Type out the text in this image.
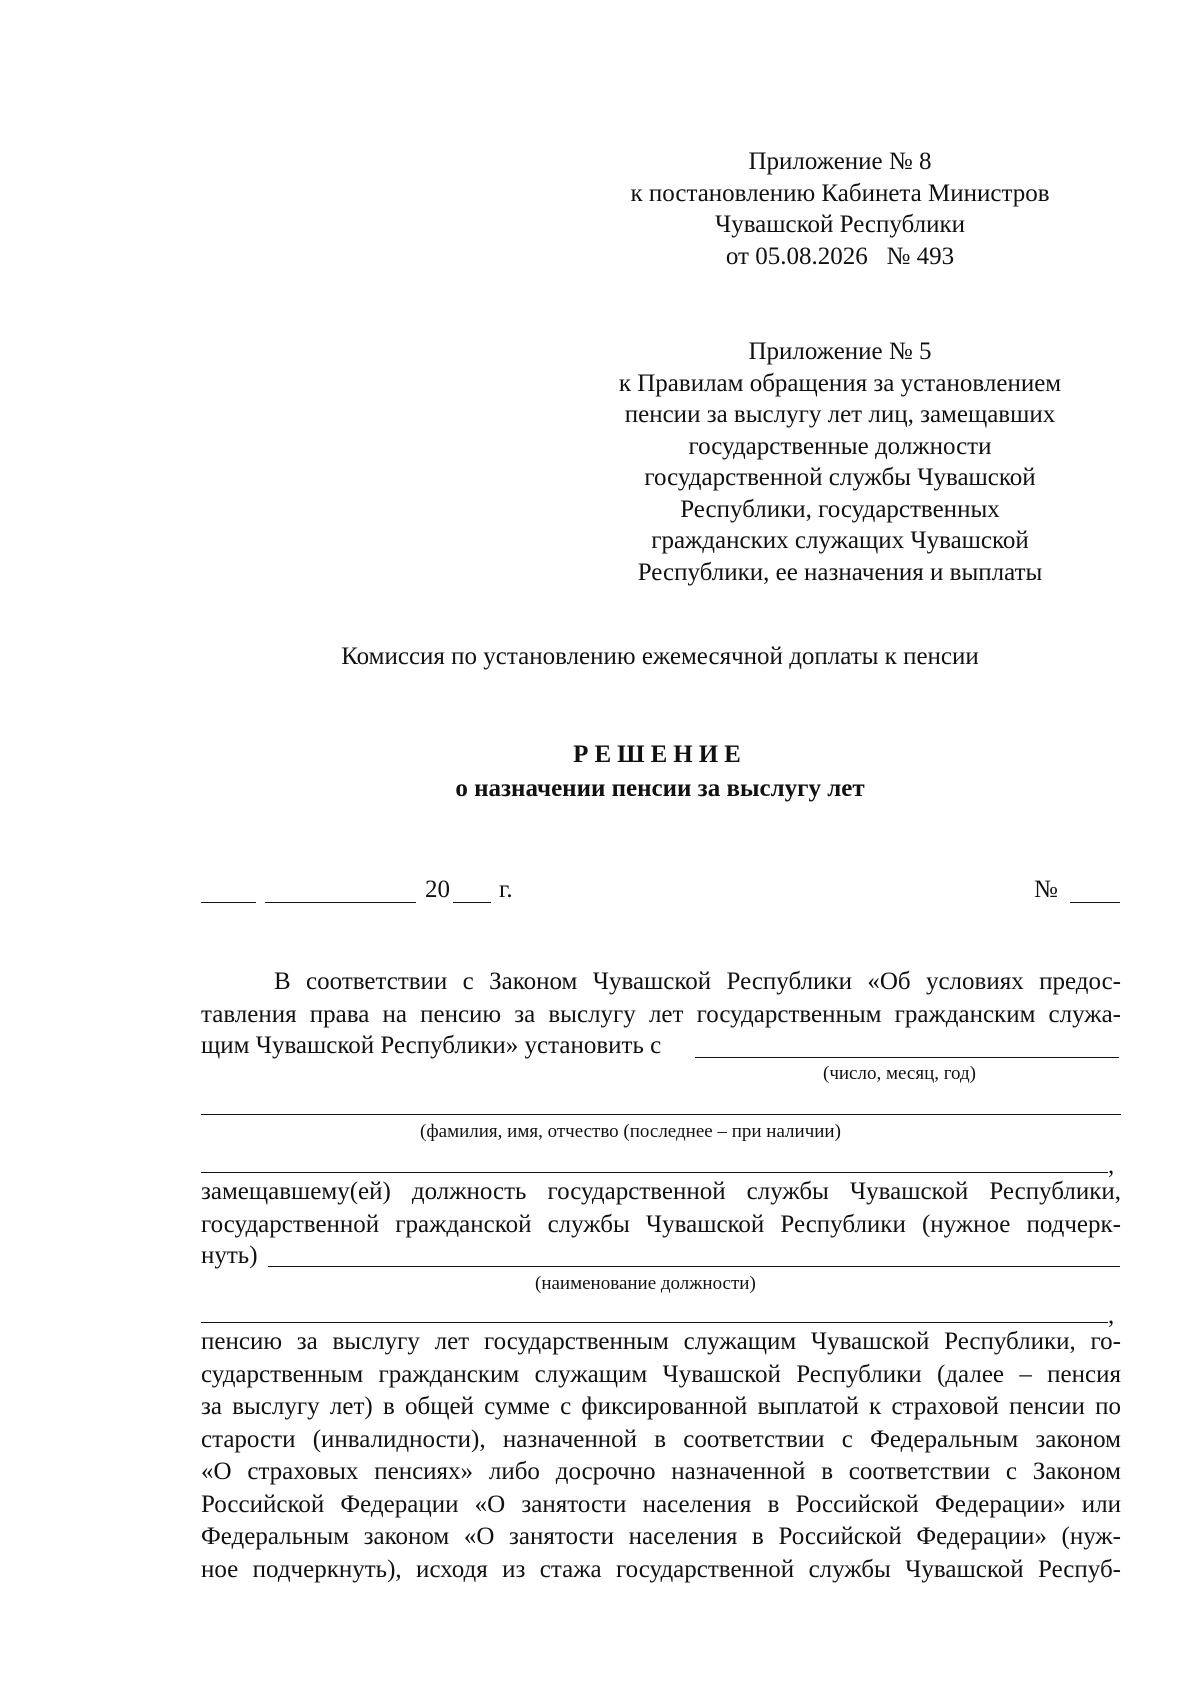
Приложение № 8
к постановлению Кабинета Министров
Чувашской Республики
от 05.08.2026   № 493
Приложение № 5
к Правилам обращения за установлением
пенсии за выслугу лет лиц, замещавших
государственные должности
государственной службы Чувашской
Республики, государственных
гражданских служащих Чувашской
Республики, ее назначения и выплаты
Комиссия по установлению ежемесячной доплаты к пенсии
РЕШЕНИЕ
о назначении пенсии за выслугу лет
20 г.	№
В соответствии с Законом Чувашской Республики «Об условиях предос-
тавления права на пенсию за выслугу лет государственным гражданским служа-
щим Чувашской Республики» установить с
(число, месяц, год)
(фамилия, имя, отчество (последнее – при наличии)
,
замещавшему(ей) должность государственной службы Чувашской Республики,
государственной гражданской службы Чувашской Республики (нужное подчерк-
нуть)
(наименование должности)
,
пенсию за выслугу лет государственным служащим Чувашской Республики, го-
сударственным гражданским служащим Чувашской Республики (далее – пенсия
за выслугу лет) в общей сумме с фиксированной выплатой к страховой пенсии по
старости (инвалидности), назначенной в соответствии с Федеральным законом
«О страховых пенсиях» либо досрочно назначенной в соответствии с Законом
Российской Федерации «О занятости населения в Российской Федерации» или
Федеральным законом «О занятости населения в Российской Федерации» (нуж-
ное подчеркнуть), исходя из стажа государственной службы Чувашской Респуб-
